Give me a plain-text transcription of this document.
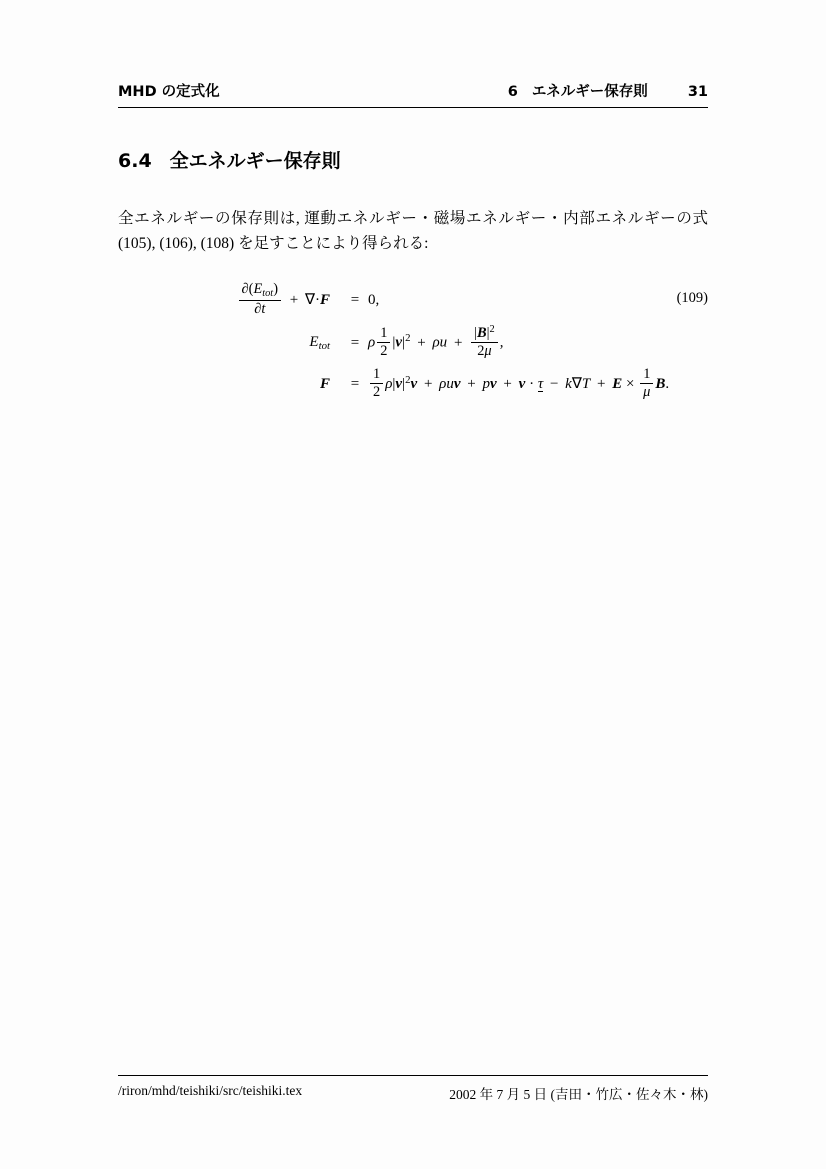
MHD の定式化	6 エネルギー保存則	31
6.4 全エネルギー保存則
全エネルギーの保存則は, 運動エネルギー・磁場エネルギー・内部エネルギーの式 (105), (106), (108) を足すことにより得られる:
(109)
$\frac{\partial(E_{tot})}{\partial t} + \nabla\cdot F$	= 0,
$E_{tot}$	= ρ $\frac{1}{2} |v|^2 + \rho u + \frac{|B|^2}{2\mu}$ ,
F	= $\frac{1}{2} \rho|v|^2v + \rho uv$ + pv + $v \cdot \tau - k\nabla T + E \times \frac{1}{\mu} B$.
/riron/mhd/teishiki/src/teishiki.tex	2002 年 7 月 5 日 (吉田・竹広・佐々木・林)
